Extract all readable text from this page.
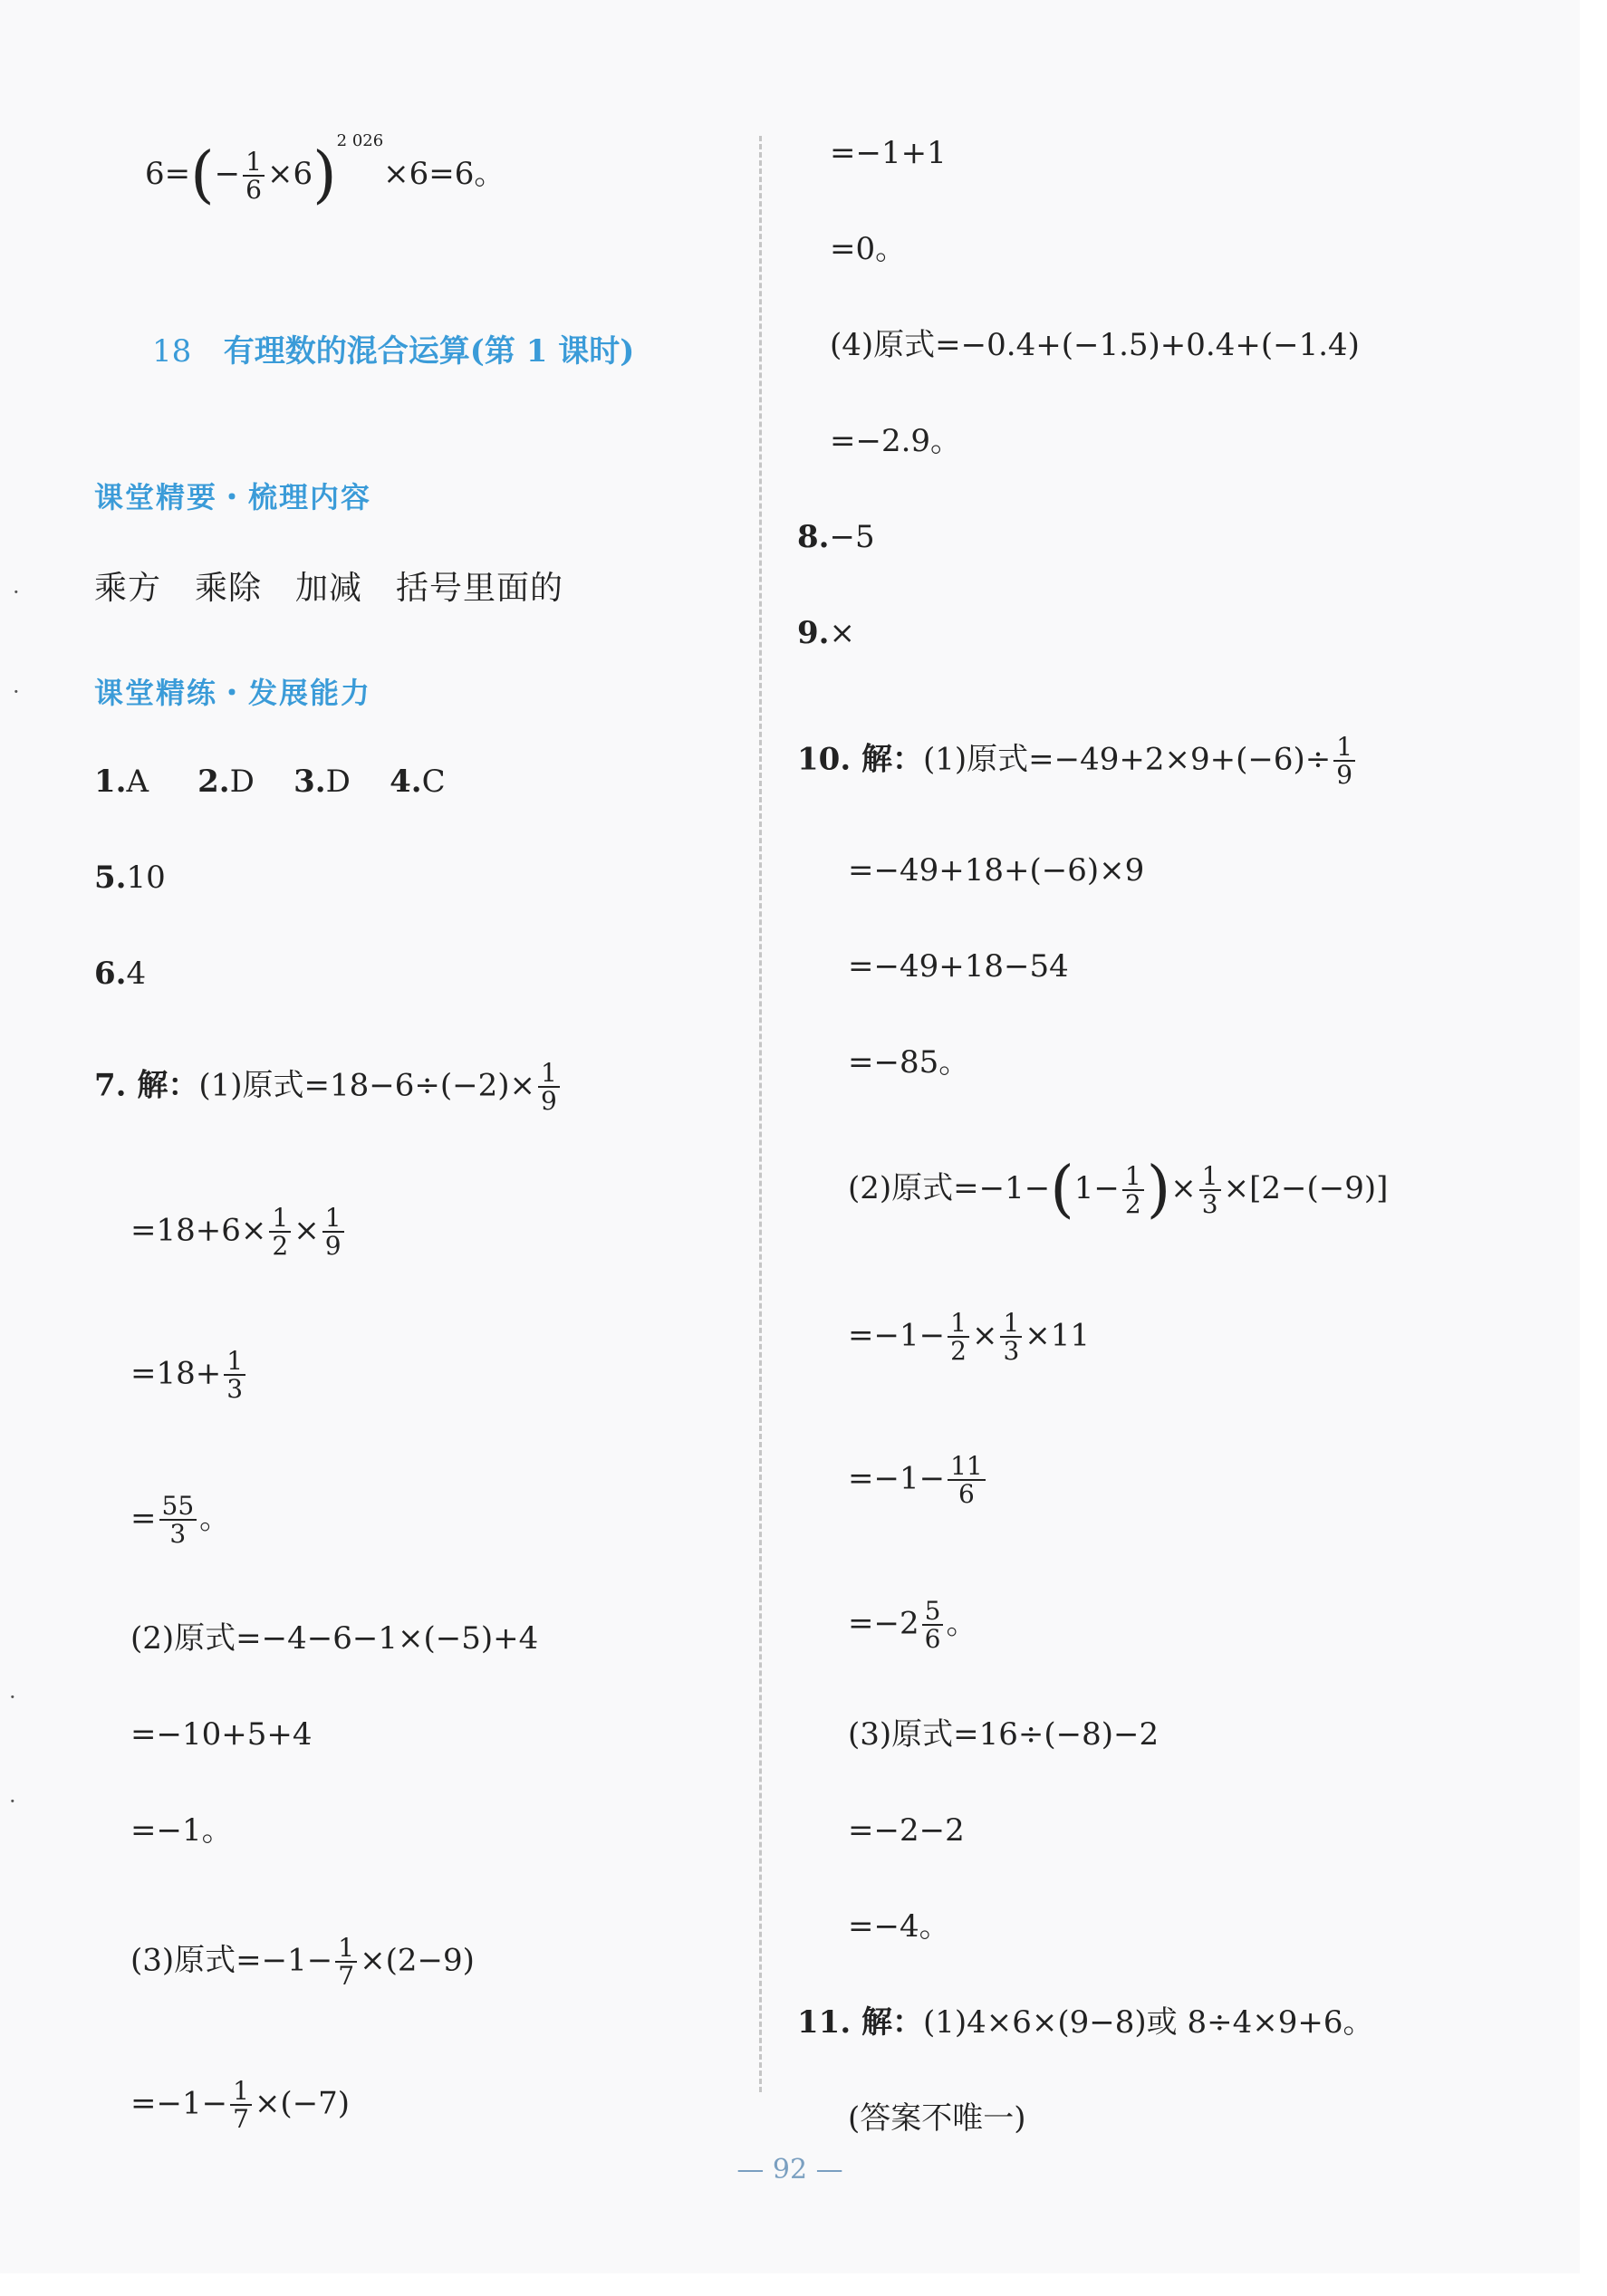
·
·
·
·
$6=(- \frac{1}{6} \times 6)^{2 026}\times 6=6$。
18 有理数的混合运算(第 1 课时)
课堂精要・梳理内容
乘方　乘除　加减　括号里面的
课堂精练・发展能力
1.A 2.D 3.D 4.C
5.10
6.4
7. 解：(1)原式$=18-6\div(-2)\times \frac{1}{9}$
$=18+6\times \frac{1}{2} \times \frac{1}{9}$
$=18+ \frac{1}{3}$
= $\frac{55}{3}$ 。
(2)原式=−4−6−1×(−5)+4
=−10+5+4
=−1。
(3)原式$=-1- \frac{1}{7} \times(2-9)$
$=-1- \frac{1}{7} \times(-7)$
=−1+1
=0。
(4)原式=−0.4+(−1.5)+0.4+(−1.4)
=−2.9。
8.−5
9.×
10. 解：(1)原式$=-49+2\times 9+(-6)\div \frac{1}{9}$
=−49+18+(−6)×9
=−49+18−54
=−85。
(2)原式$=-1-(1- \frac{1}{2}$ )× $\frac{1}{3} \times[2-(-9)]$
$=-1- \frac{1}{2} \times \frac{1}{3} \times 11$
$=-1- \frac{11}{6}$
$=-2 \frac{5}{6}$ 。
(3)原式=16÷(−8)−2
=−2−2
=−4。
11. 解：(1)4×6×(9−8)或 8÷4×9+6。
(答案不唯一)
— 92 —
